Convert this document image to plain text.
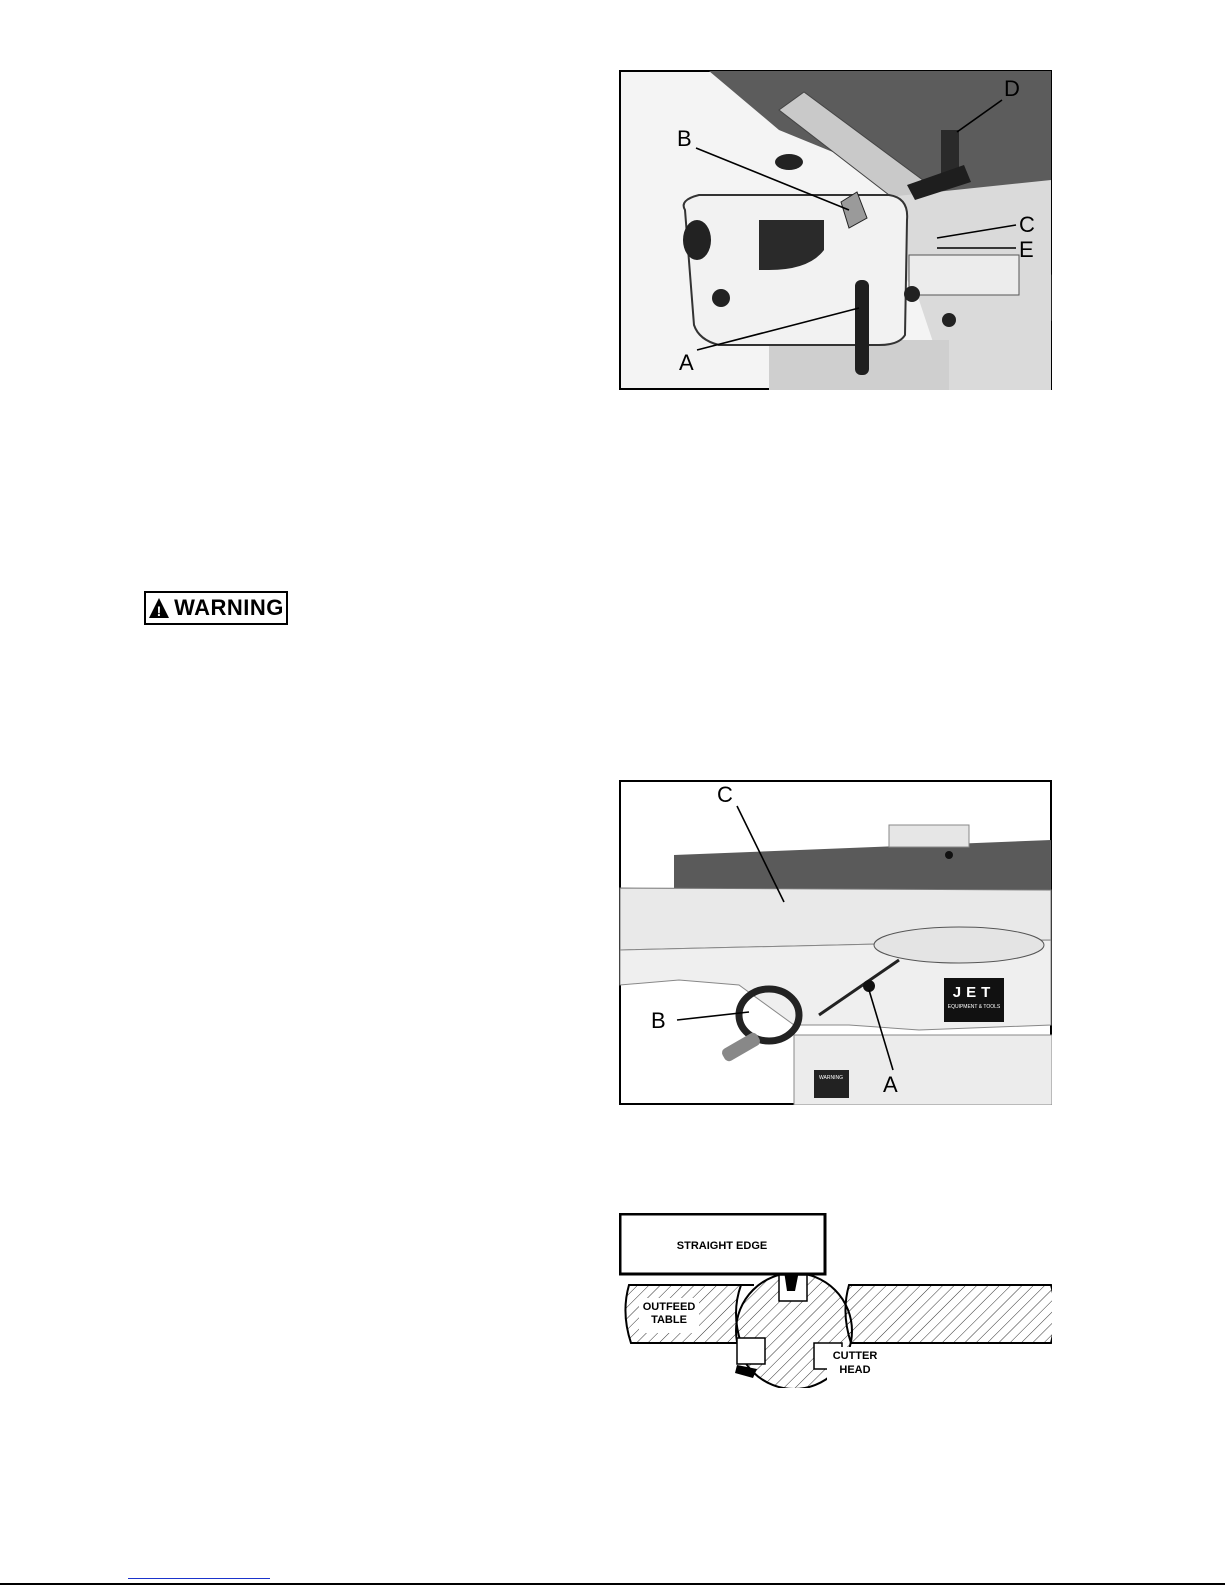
B
D
C
E
A
! WARNING
JET
EQUIPMENT & TOOLS
WARNING
C
B
A
STRAIGHT EDGE
OUTFEED
TABLE
CUTTER
HEAD
